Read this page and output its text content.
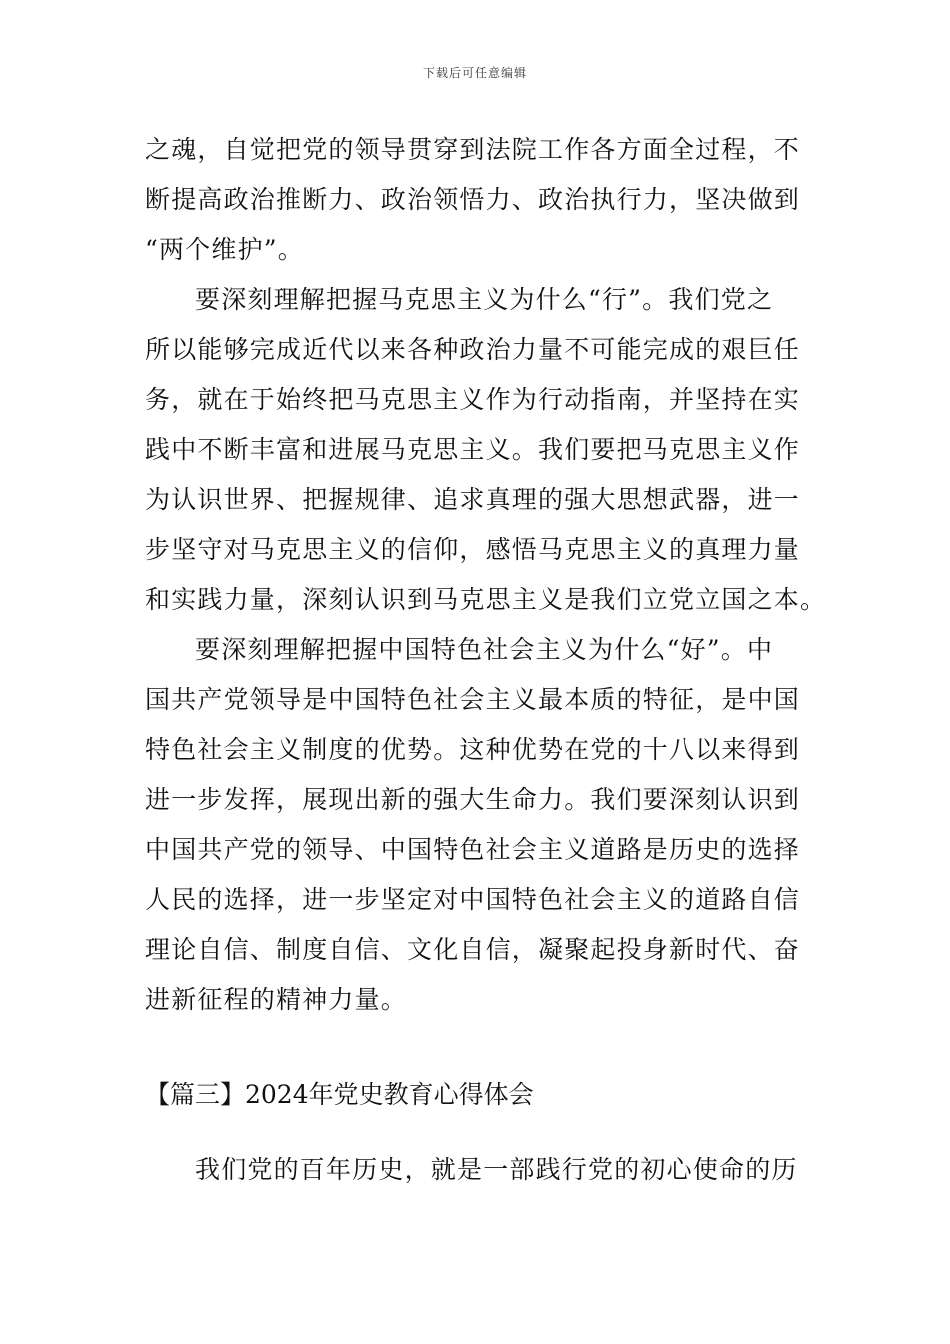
下载后可任意编辑
之魂，自觉把党的领导贯穿到法院工作各方面全过程，不
断提高政治推断力、政治领悟力、政治执行力，坚决做到
“两个维护”。
要深刻理解把握马克思主义为什么“行”。我们党之
所以能够完成近代以来各种政治力量不可能完成的艰巨任
务，就在于始终把马克思主义作为行动指南，并坚持在实
践中不断丰富和进展马克思主义。我们要把马克思主义作
为认识世界、把握规律、追求真理的强大思想武器，进一
步坚守对马克思主义的信仰，感悟马克思主义的真理力量
和实践力量，深刻认识到马克思主义是我们立党立国之本。
要深刻理解把握中国特色社会主义为什么“好”。中
国共产党领导是中国特色社会主义最本质的特征，是中国
特色社会主义制度的优势。这种优势在党的十八以来得到
进一步发挥，展现出新的强大生命力。我们要深刻认识到
中国共产党的领导、中国特色社会主义道路是历史的选择
人民的选择，进一步坚定对中国特色社会主义的道路自信
理论自信、制度自信、文化自信，凝聚起投身新时代、奋
进新征程的精神力量。
【篇三】2024年党史教育心得体会
我们党的百年历史，就是一部践行党的初心使命的历
